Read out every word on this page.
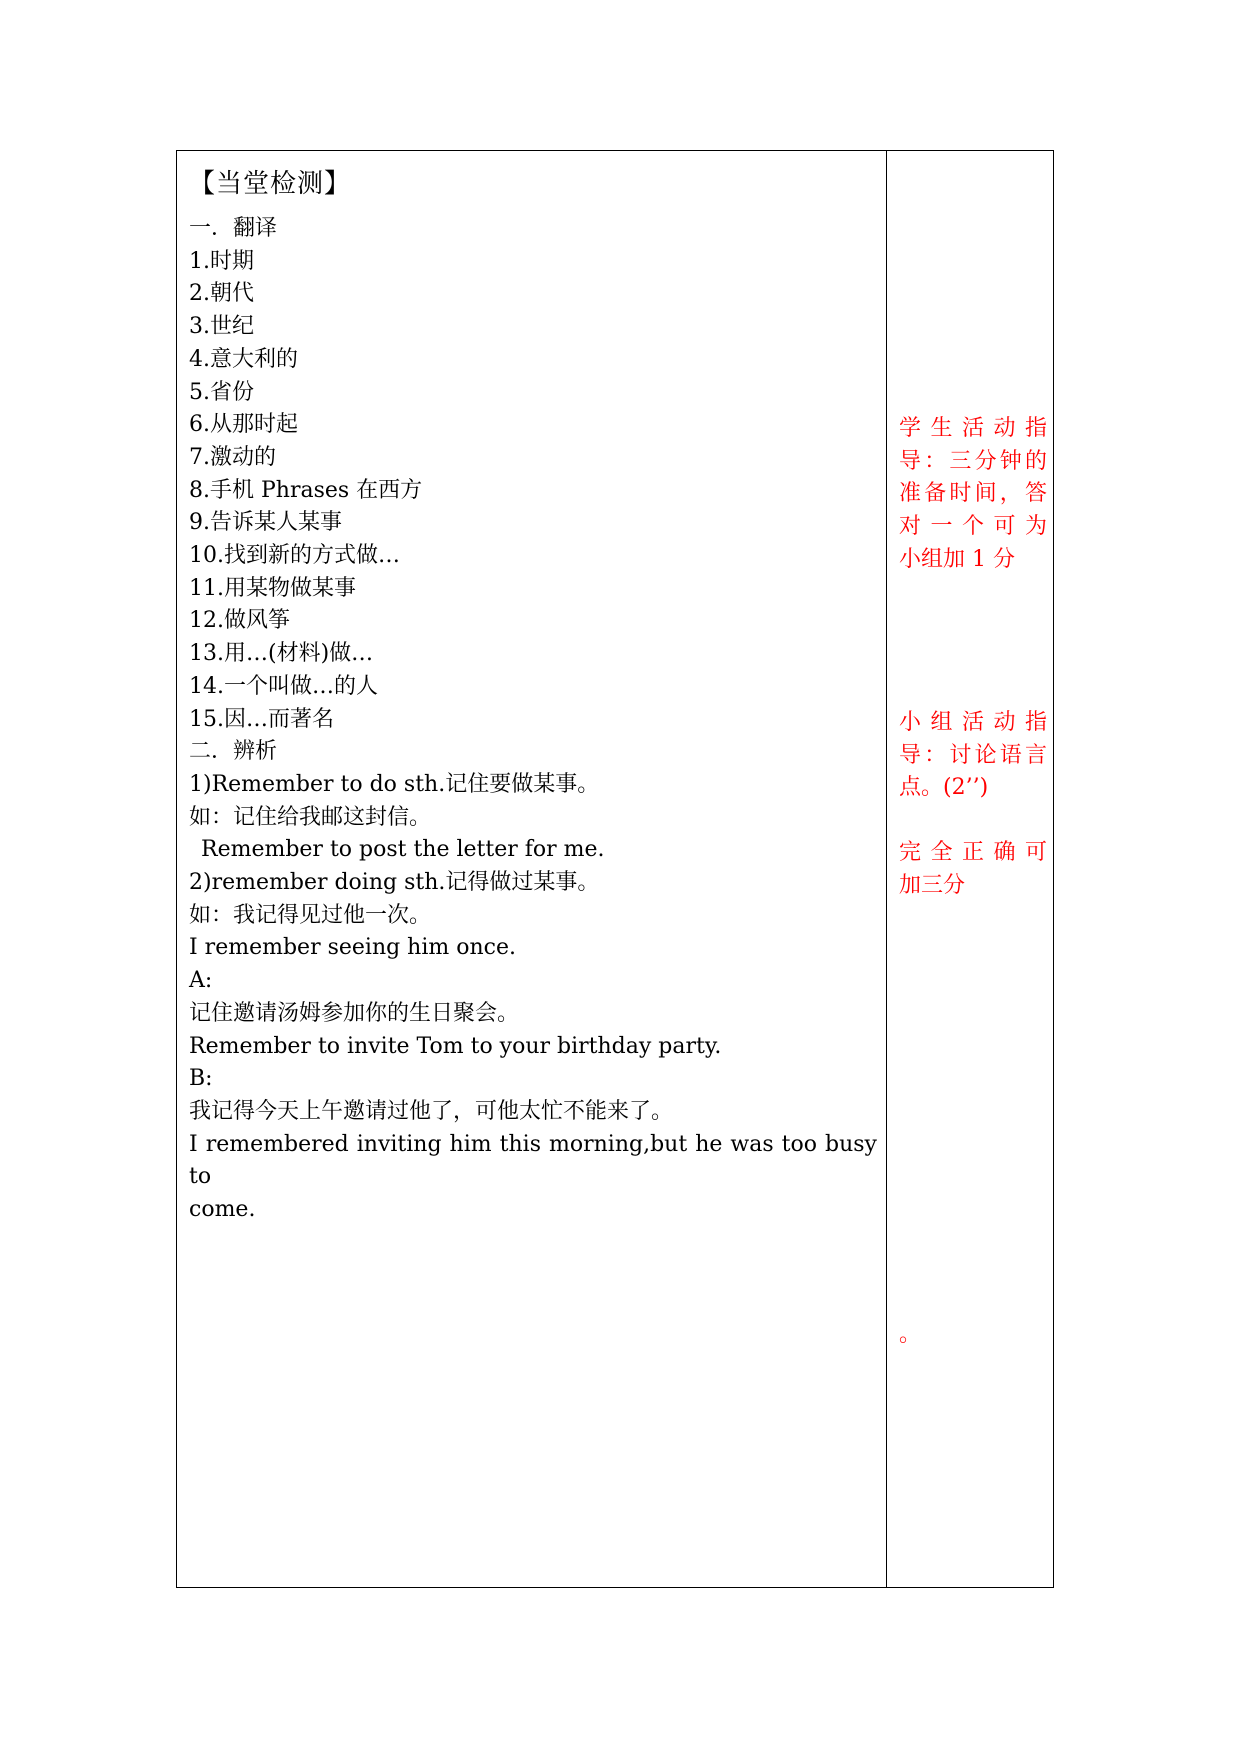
【当堂检测】
一．翻译
1.时期
2.朝代
3.世纪
4.意大利的
5.省份
6.从那时起
7.激动的
8.手机 Phrases 在西方
9.告诉某人某事
10.找到新的方式做…
11.用某物做某事
12.做风筝
13.用…(材料)做…
14.一个叫做…的人
15.因…而著名
二．辨析
1)Remember to do sth.记住要做某事。
如：记住给我邮这封信。
Remember to post the letter for me.
2)remember doing sth.记得做过某事。
如：我记得见过他一次。
I remember seeing him once.
A:
记住邀请汤姆参加你的生日聚会。
Remember to invite Tom to your birthday party.
B:
我记得今天上午邀请过他了，可他太忙不能来了。
I remembered inviting him this morning,but he was too busy to
come.
学生活动指
导：三分钟的
准备时间，答
对一个可为
小组加 1 分
小组活动指
导：讨论语言
点。(2’’)
完全正确可
加三分
。
